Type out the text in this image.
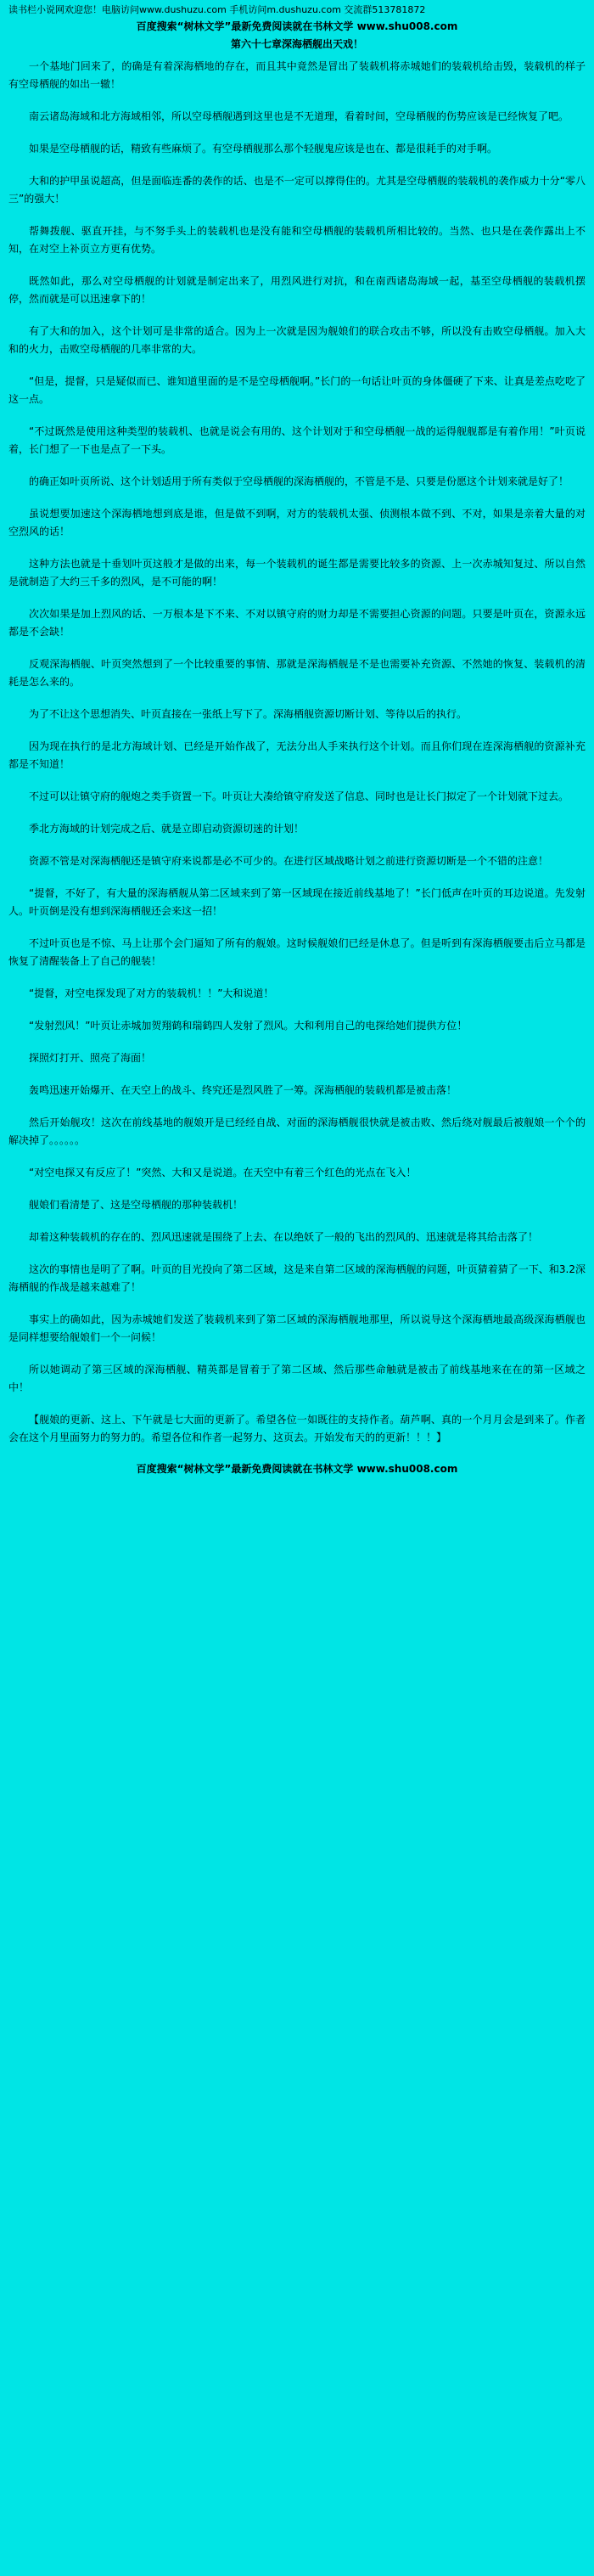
读书栏小说网欢迎您！电脑访问www.dushuzu.com 手机访问m.dushuzu.com 交流群513781872
百度搜索“树林文学”最新免费阅读就在书林文学 www.shu008.com
第六十七章深海栖舰出天戏！

一个基地门回来了，的确是有着深海栖地的存在，而且其中竟然是冒出了装载机将赤城她们的装载机给击毁，装载机的样子有空母栖舰的如出一辙！

南云诸岛海域和北方海域相邻，所以空母栖舰遇到这里也是不无道理，看着时间，空母栖舰的伤势应该是已经恢复了吧。

如果是空母栖舰的话，精致有些麻烦了。有空母栖舰那么那个轻舰鬼应该是也在、都是很耗手的对手啊。

大和的护甲虽说超高，但是面临连番的袭作的话、也是不一定可以撑得住的。尤其是空母栖舰的装载机的袭作威力十分“零八三”的强大！

帮舞拨舰、驱直开挂，与不努手头上的装载机也是没有能和空母栖舰的装载机所相比较的。当然、也只是在袭作露出上不知，在对空上补页立方更有优势。

既然如此，那么对空母栖舰的计划就是制定出来了，用烈风进行对抗，和在南西诸岛海域一起，基至空母栖舰的装载机摆停，然而就是可以迅速拿下的！

有了大和的加入，这个计划可是非常的适合。因为上一次就是因为舰娘们的联合攻击不够，所以没有击败空母栖舰。加入大和的火力，击败空母栖舰的几率非常的大。

“但是，提督，只是疑似而已、谁知道里面的是不是空母栖舰啊。”长门的一句话让叶页的身体僵硬了下来、让真是差点吃吃了这一点。

“不过既然是使用这种类型的装载机、也就是说会有用的、这个计划对于和空母栖舰一战的运得舰舰都是有着作用！”叶页说着，长门想了一下也是点了一下头。

的确正如叶页所说、这个计划适用于所有类似于空母栖舰的深海栖舰的，不管是不是、只要是份愿这个计划来就是好了！

虽说想要加速这个深海栖地想到底是谁，但是做不到啊，对方的装载机太强、侦测根本做不到、不对，如果是亲着大量的对空烈风的话！

这种方法也就是十垂划叶页这般才是做的出来，每一个装载机的诞生都是需要比较多的资源、上一次赤城知复过、所以自然是就制造了大约三千多的烈风，是不可能的啊！

次次如果是加上烈风的话、一万根本是下不来、不对以镇守府的财力却是不需要担心资源的问题。只要是叶页在，资源永远都是不会缺！

反观深海栖舰、叶页突然想到了一个比较重要的事情、那就是深海栖舰是不是也需要补充资源、不然她的恢复、装载机的清耗是怎么来的。

为了不让这个思想消失、叶页直接在一张纸上写下了。深海栖舰资源切断计划、等待以后的执行。

因为现在执行的是北方海域计划、已经是开始作战了，无法分出人手来执行这个计划。而且你们现在连深海栖舰的资源补充都是不知道！

不过可以让镇守府的舰炮之类手资置一下。叶页让大凑给镇守府发送了信息、同时也是让长门拟定了一个计划就下过去。

季北方海域的计划完成之后、就是立即启动资源切迷的计划！

资源不管是对深海栖舰还是镇守府来说都是必不可少的。在进行区域战略计划之前进行资源切断是一个不错的注意！

“提督，不好了，有大量的深海栖舰从第二区域来到了第一区域现在接近前线基地了！”长门低声在叶页的耳边说道。先发射人。叶页倒是没有想到深海栖舰还会来这一招！

不过叶页也是不惊、马上让那个会门逼知了所有的舰娘。这时候舰娘们已经是休息了。但是听到有深海栖舰要击后立马都是恢复了清醒装备上了自己的舰装！

“提督，对空电探发现了对方的装载机！！”大和说道！

“发射烈风！”叶页让赤城加贺翔鹤和瑞鹤四人发射了烈风。大和利用自己的电探给她们提供方位！

探照灯打开、照亮了海面！

轰鸣迅速开始爆开、在天空上的战斗、终究还是烈风胜了一筹。深海栖舰的装载机都是被击落！

然后开始舰攻！这次在前线基地的舰娘开是已经经自战、对面的深海栖舰很快就是被击败、然后绕对舰最后被舰娘一个个的解决掉了。。。。。。

“对空电探又有反应了！”突然、大和又是说道。在天空中有着三个红色的光点在飞入！

舰娘们看清楚了、这是空母栖舰的那种装载机！

却着这种装载机的存在的、烈风迅速就是围绕了上去、在以绝妖了一般的飞出的烈风的、迅速就是将其给击落了！

这次的事情也是明了了啊。叶页的目光投向了第二区域，这是来自第二区域的深海栖舰的问题，叶页猜着猜了一下、和3.2深海栖舰的作战是越来越难了！

事实上的确如此，因为赤城她们发送了装载机来到了第二区域的深海栖舰地那里，所以说导这个深海栖地最高级深海栖舰也是同样想要给舰娘们一个一问候！

所以她调动了第三区域的深海栖舰、精英都是冒着于了第二区域、然后那些命触就是被击了前线基地来在在的第一区域之中！

【舰娘的更新、这上、下午就是七大面的更新了。希望各位一如既往的支持作者。葫芦啊、真的一个月月会是到来了。作者会在这个月里面努力的努力的。希望各位和作者一起努力、这页去。开始发布天的的更新！！！】

百度搜索“树林文学”最新免费阅读就在书林文学 www.shu008.com
